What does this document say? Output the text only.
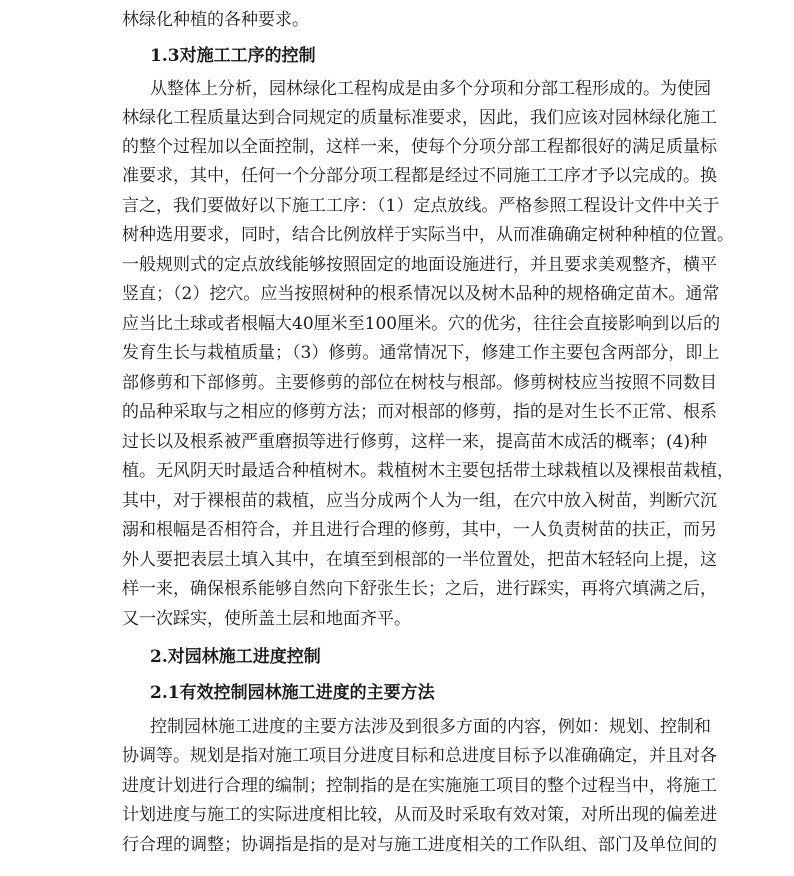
林绿化种植的各种要求。
1.3对施工工序的控制
从整体上分析，园林绿化工程构成是由多个分项和分部工程形成的。为使园
林绿化工程质量达到合同规定的质量标准要求，因此，我们应该对园林绿化施工
的整个过程加以全面控制，这样一来，使每个分项分部工程都很好的满足质量标
准要求，其中，任何一个分部分项工程都是经过不同施工工序才予以完成的。换
言之，我们要做好以下施工工序：（1）定点放线。严格参照工程设计文件中关于
树种选用要求，同时，结合比例放样于实际当中，从而准确确定树种种植的位置。
一般规则式的定点放线能够按照固定的地面设施进行，并且要求美观整齐，横平
竖直；（2）挖穴。应当按照树种的根系情况以及树木品种的规格确定苗木。通常
应当比土球或者根幅大40厘米至100厘米。穴的优劣，往往会直接影响到以后的
发育生长与栽植质量；（3）修剪。通常情况下，修建工作主要包含两部分，即上
部修剪和下部修剪。主要修剪的部位在树枝与根部。修剪树枝应当按照不同数目
的品种采取与之相应的修剪方法；而对根部的修剪，指的是对生长不正常、根系
过长以及根系被严重磨损等进行修剪，这样一来，提高苗木成活的概率；(4)种
植。无风阴天时最适合种植树木。栽植树木主要包括带土球栽植以及裸根苗栽植，
其中，对于裸根苗的栽植，应当分成两个人为一组，在穴中放入树苗，判断穴沉
溺和根幅是否相符合，并且进行合理的修剪，其中，一人负责树苗的扶正，而另
外人要把表层土填入其中，在填至到根部的一半位置处，把苗木轻轻向上提，这
样一来，确保根系能够自然向下舒张生长；之后，进行踩实，再将穴填满之后，
又一次踩实，使所盖土层和地面齐平。
2.对园林施工进度控制
2.1有效控制园林施工进度的主要方法
控制园林施工进度的主要方法涉及到很多方面的内容，例如：规划、控制和
协调等。规划是指对施工项目分进度目标和总进度目标予以准确确定，并且对各
进度计划进行合理的编制；控制指的是在实施施工项目的整个过程当中，将施工
计划进度与施工的实际进度相比较，从而及时采取有效对策，对所出现的偏差进
行合理的调整；协调指是指的是对与施工进度相关的工作队组、部门及单位间的
